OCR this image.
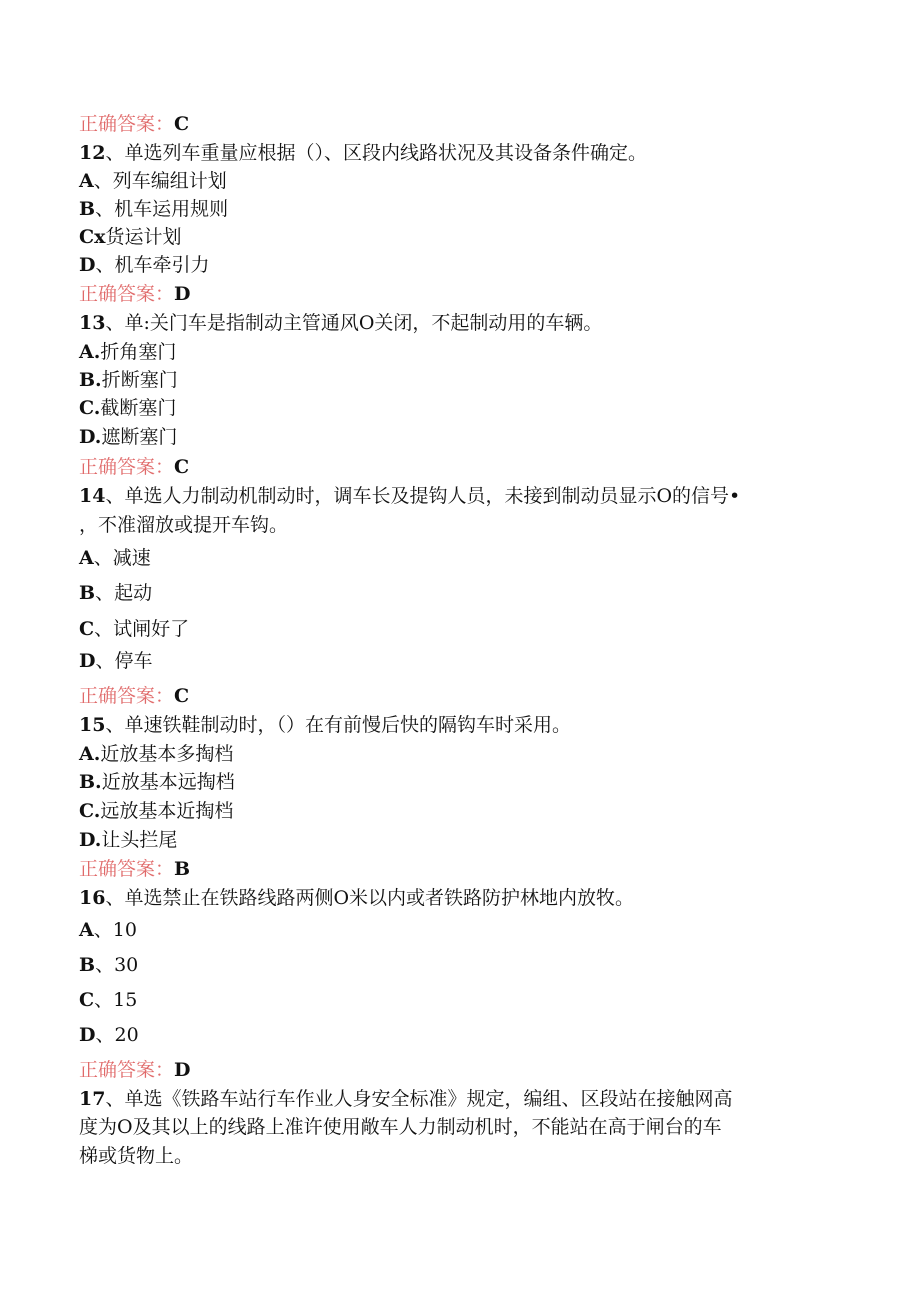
正确答案：C
12、单选列车重量应根据（）、区段内线路状况及其设备条件确定。
A、列车编组计划
B、机车运用规则
Cx货运计划
D、机车牵引力
正确答案：D
13、单:关门车是指制动主管通风O关闭，不起制动用的车辆。
A.折角塞门
B.折断塞门
C.截断塞门
D.遮断塞门
正确答案：C
14、单选人力制动机制动时，调车长及提钩人员，未接到制动员显示O的信号•
，不准溜放或提开车钩。
A、减速
B、起动
C、试闸好了
D、停车
正确答案：C
15、单速铁鞋制动时，（）在有前慢后快的隔钩车时采用。
A.近放基本多掏档
B.近放基本远掏档
C.远放基本近掏档
D.让头拦尾
正确答案：B
16、单选禁止在铁路线路两侧O米以内或者铁路防护林地内放牧。
A、10
B、30
C、15
D、20
正确答案：D
17、单选《铁路车站行车作业人身安全标准》规定，编组、区段站在接触网高
度为O及其以上的线路上准许使用敞车人力制动机时，不能站在高于闸台的车
梯或货物上。
